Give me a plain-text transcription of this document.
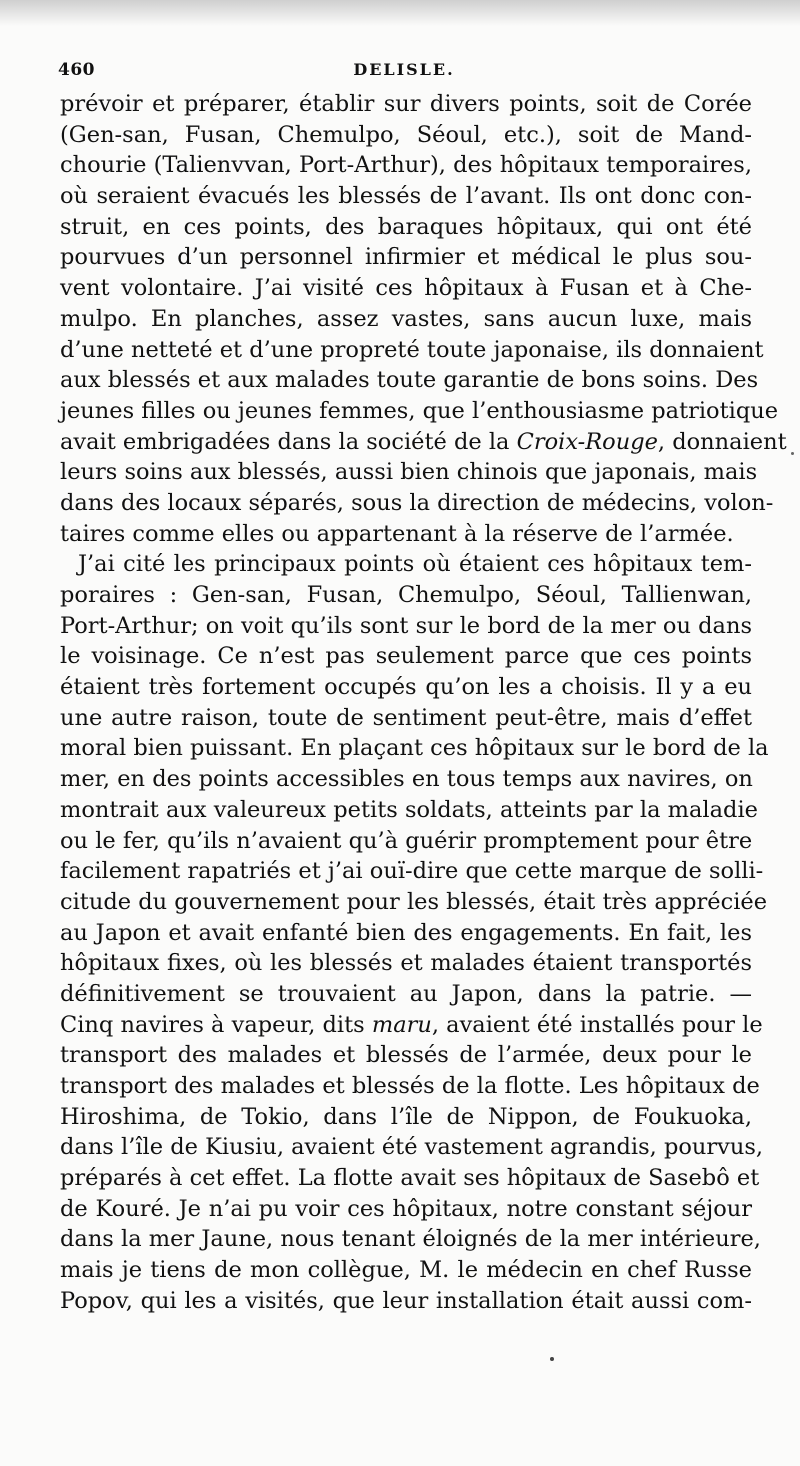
460	DELISLE.
prévoir et préparer, établir sur divers points, soit de Corée
(Gen-san, Fusan, Chemulpo, Séoul, etc.), soit de Mand-
chourie (Talienvvan, Port-Arthur), des hôpitaux temporaires,
où seraient évacués les blessés de l’avant. Ils ont donc con-
struit, en ces points, des baraques hôpitaux, qui ont été
pourvues d’un personnel infirmier et médical le plus sou-
vent volontaire. J’ai visité ces hôpitaux à Fusan et à Che-
mulpo. En planches, assez vastes, sans aucun luxe, mais
d’une netteté et d’une propreté toute japonaise, ils donnaient
aux blessés et aux malades toute garantie de bons soins. Des
jeunes filles ou jeunes femmes, que l’enthousiasme patriotique
avait embrigadées dans la société de la Croix-Rouge, donnaient
leurs soins aux blessés, aussi bien chinois que japonais, mais
dans des locaux séparés, sous la direction de médecins, volon-
taires comme elles ou appartenant à la réserve de l’armée.
J’ai cité les principaux points où étaient ces hôpitaux tem-
poraires : Gen-san, Fusan, Chemulpo, Séoul, Tallienwan,
Port-Arthur; on voit qu’ils sont sur le bord de la mer ou dans
le voisinage. Ce n’est pas seulement parce que ces points
étaient très fortement occupés qu’on les a choisis. Il y a eu
une autre raison, toute de sentiment peut-être, mais d’effet
moral bien puissant. En plaçant ces hôpitaux sur le bord de la
mer, en des points accessibles en tous temps aux navires, on
montrait aux valeureux petits soldats, atteints par la maladie
ou le fer, qu’ils n’avaient qu’à guérir promptement pour être
facilement rapatriés et j’ai ouï-dire que cette marque de solli-
citude du gouvernement pour les blessés, était très appréciée
au Japon et avait enfanté bien des engagements. En fait, les
hôpitaux fixes, où les blessés et malades étaient transportés
définitivement se trouvaient au Japon, dans la patrie. —
Cinq navires à vapeur, dits maru, avaient été installés pour le
transport des malades et blessés de l’armée, deux pour le
transport des malades et blessés de la flotte. Les hôpitaux de
Hiroshima, de Tokio, dans l’île de Nippon, de Foukuoka,
dans l’île de Kiusiu, avaient été vastement agrandis, pourvus,
préparés à cet effet. La flotte avait ses hôpitaux de Sasebô et
de Kouré. Je n’ai pu voir ces hôpitaux, notre constant séjour
dans la mer Jaune, nous tenant éloignés de la mer intérieure,
mais je tiens de mon collègue, M. le médecin en chef Russe
Popov, qui les a visités, que leur installation était aussi com-
